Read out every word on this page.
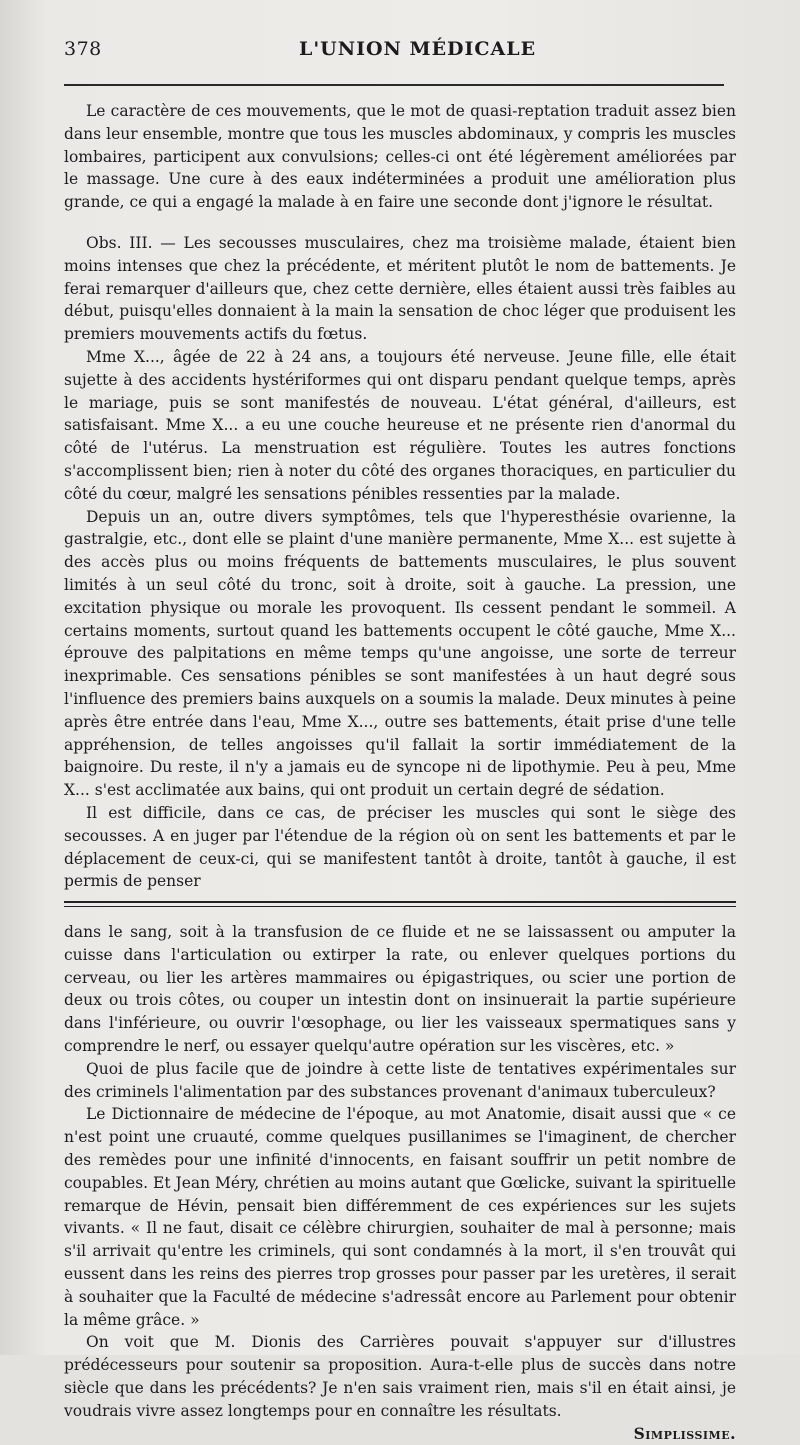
378	L'UNION MÉDICALE

Le caractère de ces mouvements, que le mot de quasi-reptation traduit assez bien dans leur ensemble, montre que tous les muscles abdominaux, y compris les muscles lombaires, participent aux convulsions; celles-ci ont été légèrement améliorées par le massage. Une cure à des eaux indéterminées a produit une amélioration plus grande, ce qui a engagé la malade à en faire une seconde dont j'ignore le résultat.

Obs. III. — Les secousses musculaires, chez ma troisième malade, étaient bien moins intenses que chez la précédente, et méritent plutôt le nom de battements. Je ferai remarquer d'ailleurs que, chez cette dernière, elles étaient aussi très faibles au début, puisqu'elles donnaient à la main la sensation de choc léger que produisent les premiers mouvements actifs du fœtus.

Mme X..., âgée de 22 à 24 ans, a toujours été nerveuse. Jeune fille, elle était sujette à des accidents hystériformes qui ont disparu pendant quelque temps, après le mariage, puis se sont manifestés de nouveau. L'état général, d'ailleurs, est satisfaisant. Mme X... a eu une couche heureuse et ne présente rien d'anormal du côté de l'utérus. La menstruation est régulière. Toutes les autres fonctions s'accomplissent bien; rien à noter du côté des organes thoraciques, en particulier du côté du cœur, malgré les sensations pénibles ressenties par la malade.

Depuis un an, outre divers symptômes, tels que l'hyperesthésie ovarienne, la gastralgie, etc., dont elle se plaint d'une manière permanente, Mme X... est sujette à des accès plus ou moins fréquents de battements musculaires, le plus souvent limités à un seul côté du tronc, soit à droite, soit à gauche. La pression, une excitation physique ou morale les provoquent. Ils cessent pendant le sommeil. A certains moments, surtout quand les battements occupent le côté gauche, Mme X... éprouve des palpitations en même temps qu'une angoisse, une sorte de terreur inexprimable. Ces sensations pénibles se sont manifestées à un haut degré sous l'influence des premiers bains auxquels on a soumis la malade. Deux minutes à peine après être entrée dans l'eau, Mme X..., outre ses battements, était prise d'une telle appréhension, de telles angoisses qu'il fallait la sortir immédiatement de la baignoire. Du reste, il n'y a jamais eu de syncope ni de lipothymie. Peu à peu, Mme X... s'est acclimatée aux bains, qui ont produit un certain degré de sédation.

Il est difficile, dans ce cas, de préciser les muscles qui sont le siège des secousses. A en juger par l'étendue de la région où on sent les battements et par le déplacement de ceux-ci, qui se manifestent tantôt à droite, tantôt à gauche, il est permis de penser

dans le sang, soit à la transfusion de ce fluide et ne se laissassent ou amputer la cuisse dans l'articulation ou extirper la rate, ou enlever quelques portions du cerveau, ou lier les artères mammaires ou épigastriques, ou scier une portion de deux ou trois côtes, ou couper un intestin dont on insinuerait la partie supérieure dans l'inférieure, ou ouvrir l'œsophage, ou lier les vaisseaux spermatiques sans y comprendre le nerf, ou essayer quelqu'autre opération sur les viscères, etc. »

Quoi de plus facile que de joindre à cette liste de tentatives expérimentales sur des criminels l'alimentation par des substances provenant d'animaux tuberculeux?

Le Dictionnaire de médecine de l'époque, au mot Anatomie, disait aussi que « ce n'est point une cruauté, comme quelques pusillanimes se l'imaginent, de chercher des remèdes pour une infinité d'innocents, en faisant souffrir un petit nombre de coupables. Et Jean Méry, chrétien au moins autant que Gœlicke, suivant la spirituelle remarque de Hévin, pensait bien différemment de ces expériences sur les sujets vivants. « Il ne faut, disait ce célèbre chirurgien, souhaiter de mal à personne; mais s'il arrivait qu'entre les criminels, qui sont condamnés à la mort, il s'en trouvât qui eussent dans les reins des pierres trop grosses pour passer par les uretères, il serait à souhaiter que la Faculté de médecine s'adressât encore au Parlement pour obtenir la même grâce. »

On voit que M. Dionis des Carrières pouvait s'appuyer sur d'illustres prédécesseurs pour soutenir sa proposition. Aura-t-elle plus de succès dans notre siècle que dans les précédents? Je n'en sais vraiment rien, mais s'il en était ainsi, je voudrais vivre assez longtemps pour en connaître les résultats.

Simplissime.
